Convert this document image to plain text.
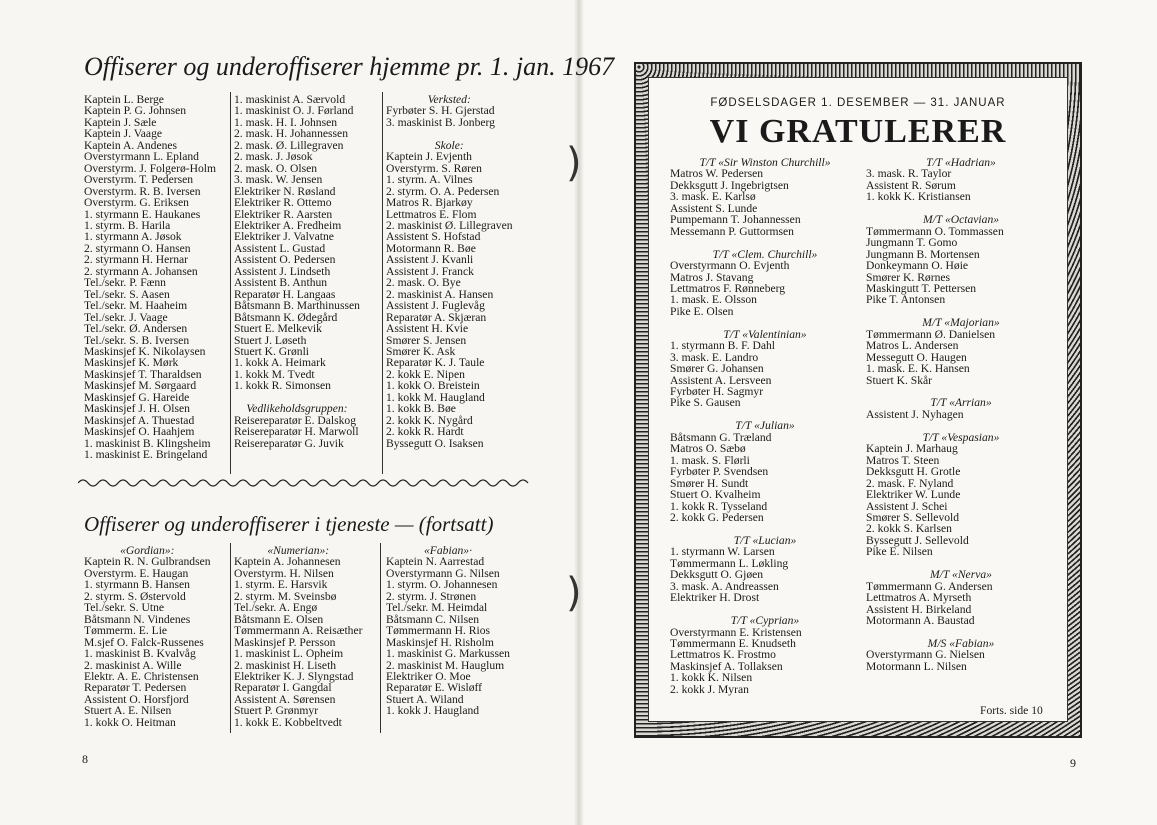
)
)
Offiserer og underoffiserer hjemme pr. 1. jan. 1967
Kaptein L. Berge
Kaptein P. G. Johnsen
Kaptein J. Sæle
Kaptein J. Vaage
Kaptein A. Andenes
Overstyrmann L. Epland
Overstyrm. J. Folgerø-Holm
Overstyrm. T. Pedersen
Overstyrm. R. B. Iversen
Overstyrm. G. Eriksen
1. styrmann E. Haukanes
1. styrm. B. Harila
1. styrmann A. Jøsok
2. styrmann O. Hansen
2. styrmann H. Hernar
2. styrmann A. Johansen
Tel./sekr. P. Fænn
Tel./sekr. S. Aasen
Tel./sekr. M. Haaheim
Tel./sekr. J. Vaage
Tel./sekr. Ø. Andersen
Tel./sekr. S. B. Iversen
Maskinsjef K. Nikolaysen
Maskinsjef K. Mørk
Maskinsjef T. Tharaldsen
Maskinsjef M. Sørgaard
Maskinsjef G. Hareide
Maskinsjef J. H. Olsen
Maskinsjef A. Thuestad
Maskinsjef O. Haahjem
1. maskinist B. Klingsheim
1. maskinist E. Bringeland
1. maskinist A. Særvold
1. maskinist O. J. Førland
1. mask. H. I. Johnsen
2. mask. H. Johannessen
2. mask. Ø. Lillegraven
2. mask. J. Jøsok
2. mask. O. Olsen
3. mask. W. Jensen
Elektriker N. Røsland
Elektriker R. Ottemo
Elektriker R. Aarsten
Elektriker A. Fredheim
Elektriker J. Valvatne
Assistent L. Gustad
Assistent O. Pedersen
Assistent J. Lindseth
Assistent B. Anthun
Reparatør H. Langaas
Båtsmann B. Marthinussen
Båtsmann K. Ødegård
Stuert E. Melkevik
Stuert J. Løseth
Stuert K. Grønli
1. kokk A. Heimark
1. kokk M. Tvedt
1. kokk R. Simonsen
Vedlikeholdsgruppen:
Reisereparatør E. Dalskog
Reisereparatør H. Marwoll
Reisereparatør G. Juvik
Verksted:
Fyrbøter S. H. Gjerstad
3. maskinist B. Jonberg
Skole:
Kaptein J. Evjenth
Overstyrm. S. Røren
1. styrm. A. Vilnes
2. styrm. O. A. Pedersen
Matros R. Bjarkøy
Lettmatros E. Flom
2. maskinist Ø. Lillegraven
Assistent S. Hofstad
Motormann R. Bøe
Assistent J. Kvanli
Assistent J. Franck
2. mask. O. Bye
2. maskinist A. Hansen
Assistent J. Fuglevåg
Reparatør A. Skjæran
Assistent H. Kvie
Smører S. Jensen
Smører K. Ask
Reparatør K. J. Taule
2. kokk E. Nipen
1. kokk O. Breistein
1. kokk M. Haugland
1. kokk B. Bøe
2. kokk K. Nygård
2. kokk R. Hardt
Byssegutt O. Isaksen
Offiserer og underoffiserer i tjeneste — (fortsatt)
«Gordian»:
Kaptein R. N. Gulbrandsen
Overstyrm. E. Haugan
1. styrmann B. Hansen
2. styrm. S. Østervold
Tel./sekr. S. Utne
Båtsmann N. Vindenes
Tømmerm. E. Lie
M.sjef O. Falck-Russenes
1. maskinist B. Kvalvåg
2. maskinist A. Wille
Elektr. A. E. Christensen
Reparatør T. Pedersen
Assistent O. Horsfjord
Stuert A. E. Nilsen
1. kokk O. Heitman
«Numerian»:
Kaptein A. Johannesen
Overstyrm. H. Nilsen
1. styrm. E. Harsvik
2. styrm. M. Sveinsbø
Tel./sekr. A. Engø
Båtsmann E. Olsen
Tømmermann A. Reisæther
Maskinsjef P. Persson
1. maskinist L. Opheim
2. maskinist H. Liseth
Elektriker K. J. Slyngstad
Reparatør I. Gangdal
Assistent A. Sørensen
Stuert P. Grønmyr
1. kokk E. Kobbeltvedt
«Fabian»·
Kaptein N. Aarrestad
Overstyrmann G. Nilsen
1. styrm. O. Johannesen
2. styrm. J. Strønen
Tel./sekr. M. Heimdal
Båtsmann C. Nilsen
Tømmermann H. Rios
Maskinsjef H. Risholm
1. maskinist G. Markussen
2. maskinist M. Hauglum
Elektriker O. Moe
Reparatør E. Wisløff
Stuert A. Wiland
1. kokk J. Haugland
8
FØDSELSDAGER 1. DESEMBER — 31. JANUAR
VI GRATULERER
T/T «Sir Winston Churchill»
Matros W. Pedersen
Dekksgutt J. Ingebrigtsen
3. mask. E. Karlsø
Assistent S. Lunde
Pumpemann T. Johannessen
Messemann P. Guttormsen
T/T «Clem. Churchill»
Overstyrmann O. Evjenth
Matros J. Stavang
Lettmatros F. Rønneberg
1. mask. E. Olsson
Pike E. Olsen
T/T «Valentinian»
1. styrmann B. F. Dahl
3. mask. E. Landro
Smører G. Johansen
Assistent A. Lersveen
Fyrbøter H. Sagmyr
Pike S. Gausen
T/T «Julian»
Båtsmann G. Træland
Matros O. Sæbø
1. mask. S. Flørli
Fyrbøter P. Svendsen
Smører H. Sundt
Stuert O. Kvalheim
1. kokk R. Tysseland
2. kokk G. Pedersen
T/T «Lucian»
1. styrmann W. Larsen
Tømmermann L. Løkling
Dekksgutt O. Gjøen
3. mask. A. Andreassen
Elektriker H. Drost
T/T «Cyprian»
Overstyrmann E. Kristensen
Tømmermann E. Knudseth
Lettmatros K. Frostmo
Maskinsjef A. Tollaksen
1. kokk K. Nilsen
2. kokk J. Myran
T/T «Hadrian»
3. mask. R. Taylor
Assistent R. Sørum
1. kokk K. Kristiansen
M/T «Octavian»
Tømmermann O. Tommassen
Jungmann T. Gomo
Jungmann B. Mortensen
Donkeymann O. Høie
Smører K. Rørnes
Maskingutt T. Pettersen
Pike T. Antonsen
M/T «Majorian»
Tømmermann Ø. Danielsen
Matros L. Andersen
Messegutt O. Haugen
1. mask. E. K. Hansen
Stuert K. Skår
T/T «Arrian»
Assistent J. Nyhagen
T/T «Vespasian»
Kaptein J. Marhaug
Matros T. Steen
Dekksgutt H. Grotle
2. mask. F. Nyland
Elektriker W. Lunde
Assistent J. Schei
Smører S. Sellevold
2. kokk S. Karlsen
Byssegutt J. Sellevold
Pike E. Nilsen
M/T «Nerva»
Tømmermann G. Andersen
Lettmatros A. Myrseth
Assistent H. Birkeland
Motormann A. Baustad
M/S «Fabian»
Overstyrmann G. Nielsen
Motormann L. Nilsen
Forts. side 10
9
